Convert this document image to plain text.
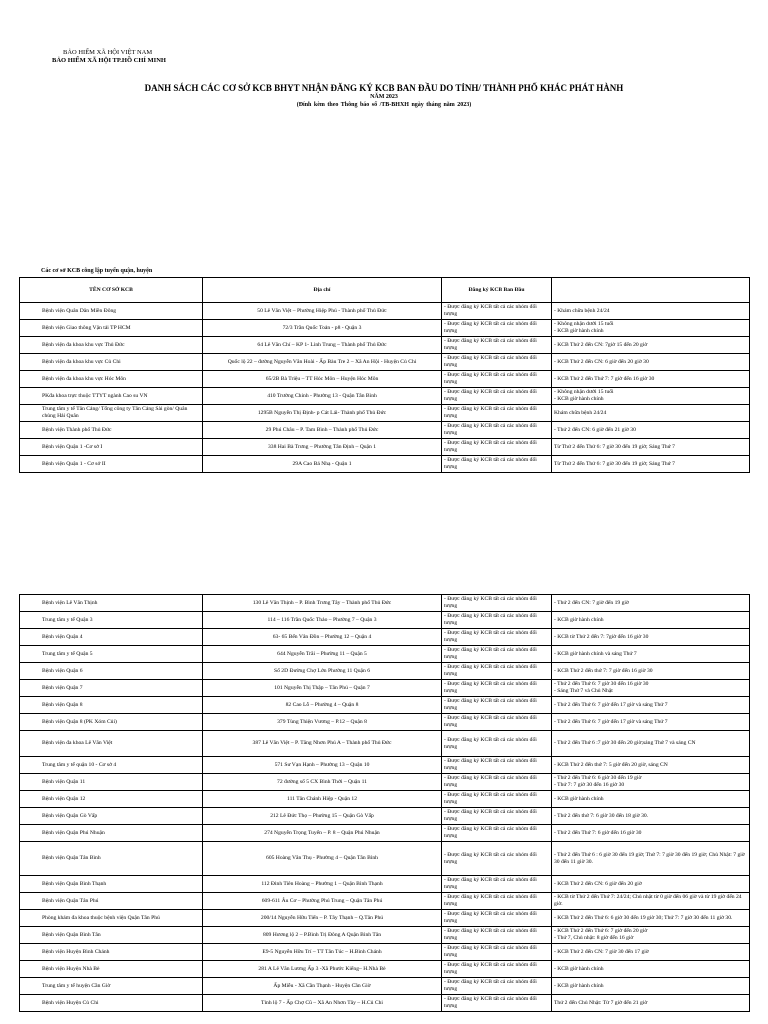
BẢO HIỂM XÃ HỘI VIỆT NAM
BẢO HIỂM XÃ HỘI TP.HỒ CHÍ MINH
DANH SÁCH CÁC CƠ SỞ KCB BHYT NHẬN ĐĂNG KÝ KCB BAN ĐẦU DO TỈNH/ THÀNH PHỐ KHÁC PHÁT HÀNH
NĂM 2023
(Đính kèm theo Thông báo số /TB-BHXH ngày tháng năm 2023)
Các cơ sở KCB công lập tuyến quận, huyện
TÊN CƠ SỞ KCB	Địa chỉ	Đăng ký KCB Ban Đầu	
Bệnh viện Quân Dân Miền Đông	50 Lê Văn Việt – Phường Hiệp Phú - Thành phố Thủ Đức	- Được đăng ký KCB tất cả các nhóm đối tượng	- Khám chữa bệnh 24/24
Bệnh viện Giao thông Vận tải TP HCM	72/3 Trần Quốc Toản - p8 - Quận 3	- Được đăng ký KCB tất cả các nhóm đối tượng	- Không nhận dưới 15 tuổi
- KCB giờ hành chính
Bệnh viện đa khoa khu vực Thủ Đức	64 Lê Văn Chí – KP 1- Linh Trung – Thành phố Thủ Đức	- Được đăng ký KCB tất cả các nhóm đối tượng	- KCB Thứ 2 đến CN: 7giờ 15 đến 20 giờ
Bệnh viện đa khoa khu vực Củ Chi	Quốc lộ 22 – đường Nguyễn Văn Hoài - Ấp Bàu Tre 2 – Xã An Hội - Huyện Củ Chi	- Được đăng ký KCB tất cả các nhóm đối tượng	- KCB Thứ 2 đến CN: 6 giờ đến 20 giờ 30
Bệnh viện đa khoa khu vực Hóc Môn	65/2B Bà Triệu – TT Hóc Môn – Huyện Hóc Môn	- Được đăng ký KCB tất cả các nhóm đối tượng	- KCB Thứ 2 đến Thứ 7: 7 giờ đến 16 giờ 30
PKđa khoa trực thuộc TTYT ngành Cao su VN	410 Trường Chinh - Phường 13 - Quận Tân Bình	- Được đăng ký KCB tất cả các nhóm đối tượng	- Không nhận dưới 15 tuổi
- KCB giờ hành chính
Trung tâm y tế Tân Cảng/ Tổng công ty Tân Cảng Sài gòn/ Quân chủng Hải Quân	1295B Nguyễn Thị Định- p Cát Lái- Thành phố Thủ Đức	- Được đăng ký KCB tất cả các nhóm đối tượng	Khám chữa bệnh 24/24
Bệnh viện Thành phố Thủ Đức	29 Phú Châu – P. Tam Bình – Thành phố Thủ Đức	- Được đăng ký KCB tất cả các nhóm đối tượng	- Thứ 2 đến CN: 6 giờ đến 21 giờ 30
Bệnh viện Quận 1 -Cơ sở I	338 Hai Bà Trưng – Phường Tân Định – Quận 1	- Được đăng ký KCB tất cả các nhóm đối tượng	Từ Thứ 2 đến Thứ 6: 7 giờ 30 đến 19 giờ; Sáng Thứ 7
Bệnh viện Quận 1 - Cơ sở II	29A Cao Bá Nhạ - Quận 1	- Được đăng ký KCB tất cả các nhóm đối tượng	Từ Thứ 2 đến Thứ 6: 7 giờ 30 đến 19 giờ; Sáng Thứ 7
Bệnh viện Lê Văn Thịnh	130 Lê Văn Thịnh – P. Bình Trưng Tây – Thành phố Thủ Đức	- Được đăng ký KCB tất cả các nhóm đối tượng	- Thứ 2 đến CN: 7 giờ đến 19 giờ
Trung tâm y tế Quận 3	114 – 116 Trần Quốc Thảo – Phường 7 – Quận 3	- Được đăng ký KCB tất cả các nhóm đối tượng	- KCB giờ hành chính
Bệnh viện Quận 4	63- 65 Bến Vân Đồn – Phường 12 – Quận 4	- Được đăng ký KCB tất cả các nhóm đối tượng	- KCB từ Thứ 2 đến 7: 7giờ đến 16 giờ 30
Trung tâm y tế Quận 5	644 Nguyễn Trãi – Phường 11 – Quận 5	- Được đăng ký KCB tất cả các nhóm đối tượng	- KCB giờ hành chính và sáng Thứ 7
Bệnh viện Quận 6	Số 2D Đường Chợ Lớn Phường 11 Quận 6	- Được đăng ký KCB tất cả các nhóm đối tượng	- KCB Thứ 2 đến thứ 7: 7 giờ đến 16 giờ 30
Bệnh viện Quận 7	101 Nguyễn Thị Thập – Tân Phú – Quận 7	- Được đăng ký KCB tất cả các nhóm đối tượng	- Thứ 2 đến Thứ 6: 7 giờ 30 đến 16 giờ 30
- Sáng Thứ 7 và Chủ Nhật
Bệnh viện Quận 8	82 Cao Lỗ – Phường 4 – Quận 8	- Được đăng ký KCB tất cả các nhóm đối tượng	- Thứ 2 đến Thứ 6: 7 giờ đến 17 giờ và sáng Thứ 7
Bệnh viện Quận 8 (PK Xóm Củi)	379 Tùng Thiện Vương – P.12 – Quận 8	- Được đăng ký KCB tất cả các nhóm đối tượng	- Thứ 2 đến Thứ 6: 7 giờ đến 17 giờ và sáng Thứ 7
Bệnh viện đa khoa Lê Văn Việt	387 Lê Văn Việt – P. Tăng Nhơn Phú A – Thành phố Thủ Đức	- Được đăng ký KCB tất cả các nhóm đối tượng	- Thứ 2 đến Thứ 6 :7 giờ 30 đến 20 giờ;sáng Thứ 7 và sáng CN
Trung tâm y tế quận 10 - Cơ sở 4	571 Sư Vạn Hạnh – Phường 13 – Quận 10	- Được đăng ký KCB tất cả các nhóm đối tượng	- KCB Thứ 2 đến thứ 7: 5 giờ đến 20 giờ, sáng CN
Bệnh viện Quận 11	72 đường số 5 CX Bình Thới – Quận 11	- Được đăng ký KCB tất cả các nhóm đối tượng	- Thứ 2 đến Thứ 6: 6 giờ 30 đến 19 giờ
- Thứ 7: 7 giờ 30 đến 16 giờ 30
Bệnh viện Quận 12	111 Tân Chánh Hiệp - Quận 12	- Được đăng ký KCB tất cả các nhóm đối tượng	- KCB giờ hành chính
Bệnh viện Quận Gò Vấp	212 Lê Đức Thọ – Phường 15 – Quận Gò Vấp	- Được đăng ký KCB tất cả các nhóm đối tượng	- Thứ 2 đến thứ 7: 6 giờ 30 đến 18 giờ 30.
Bệnh viện Quận Phú Nhuận	274 Nguyễn Trọng Tuyển – P. 8 – Quận Phú Nhuận	- Được đăng ký KCB tất cả các nhóm đối tượng	- Thứ 2 đến Thứ 7: 6 giờ đến 16 giờ 30
Bệnh viện Quận Tân Bình	605 Hoàng Văn Thụ - Phường 4 – Quận Tân Bình	- Được đăng ký KCB tất cả các nhóm đối tượng	- Thứ 2 đến Thứ 6 : 6 giờ 30 đến 19 giờ; Thứ 7: 7 giờ 30 đến 19 giờ; Chủ Nhật: 7 giờ 30 đến 11 giờ 30.
Bệnh viện Quận Bình Thạnh	112 Đinh Tiên Hoàng – Phường 1 – Quận Bình Thạnh	- Được đăng ký KCB tất cả các nhóm đối tượng	- KCB Thứ 2 đến CN: 6 giờ đến 20 giờ
Bệnh viện Quận Tân Phú	609-611 Âu Cơ – Phường Phú Trung – Quận Tân Phú	- Được đăng ký KCB tất cả các nhóm đối tượng	- KCB từ Thứ 2 đến Thứ 7: 24/24; Chủ nhật từ 0 giờ đến 06 giờ và từ 19 giờ đến 24 giờ.
Phòng khám đa khoa thuộc bệnh viện Quận Tân Phú	200/14 Nguyễn Hữu Tiến – P. Tây Thạnh – Q.Tân Phú	- Được đăng ký KCB tất cả các nhóm đối tượng	- KCB Thứ 2 đến Thứ 6: 6 giờ 30 đến 19 giờ 30; Thứ 7: 7 giờ 30 đến 11 giờ 30.
Bệnh viện Quận Bình Tân	809 Hương lộ 2 – P.Bình Trị Đông A Quận Bình Tân	- Được đăng ký KCB tất cả các nhóm đối tượng	- KCB Thứ 2 đến Thứ 6: 7 giờ đến 20 giờ
- Thứ 7, Chủ nhật: 8 giờ đến 16 giờ
Bệnh viện Huyện Bình Chánh	E9-5 Nguyễn Hữu Trí – TT Tân Túc – H.Bình Chánh	- Được đăng ký KCB tất cả các nhóm đối tượng	- KCB Thứ 2 đến CN: 7 giờ 30 đến 17 giờ
Bệnh viện Huyện Nhà Bè	281 A Lê Văn Lương Ấp 3 -Xã Phước Kiểng– H.Nhà Bè	- Được đăng ký KCB tất cả các nhóm đối tượng	- KCB giờ hành chính
Trung tâm y tế huyện Cần Giờ	Ấp Miễu - Xã Cần Thạnh - Huyện Cần Giờ	- Được đăng ký KCB tất cả các nhóm đối tượng	- KCB giờ hành chính
Bệnh viện Huyện Củ Chi	Tỉnh lộ 7 - Ấp Chợ Cũ – Xã An Nhơn Tây – H.Củ Chi	- Được đăng ký KCB tất cả các nhóm đối tượng	Thứ 2 đến Chủ Nhật: Từ 7 giờ đến 21 giờ
